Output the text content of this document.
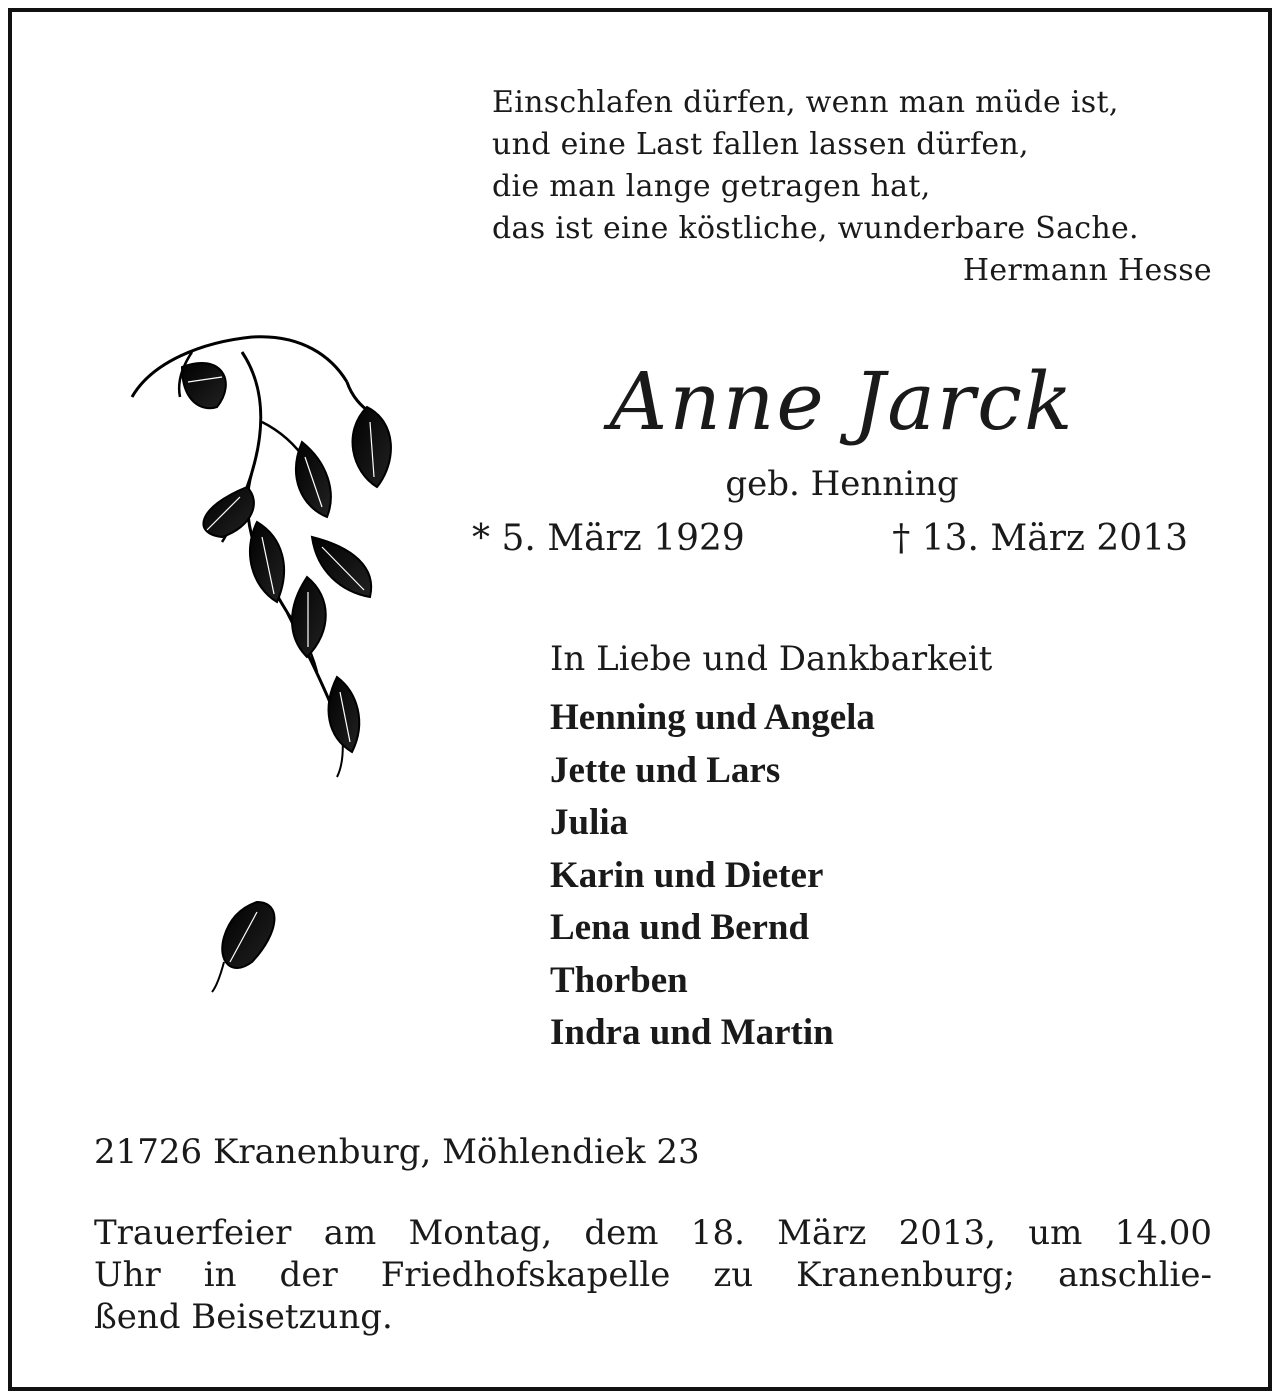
Einschlafen dürfen, wenn man müde ist,
und eine Last fallen lassen dürfen,
die man lange getragen hat,
das ist eine köstliche, wunderbare Sache.
Hermann Hesse
Anne Jarck
geb. Henning
* 5. März 1929	† 13. März 2013
In Liebe und Dankbarkeit
Henning und Angela
Jette und Lars
Julia
Karin und Dieter
Lena und Bernd
Thorben
Indra und Martin
21726 Kranenburg, Möhlendiek 23
Trauerfeier am Montag, dem 18. März 2013, um 14.00
Uhr in der Friedhofskapelle zu Kranenburg; anschlie-
ßend Beisetzung.
